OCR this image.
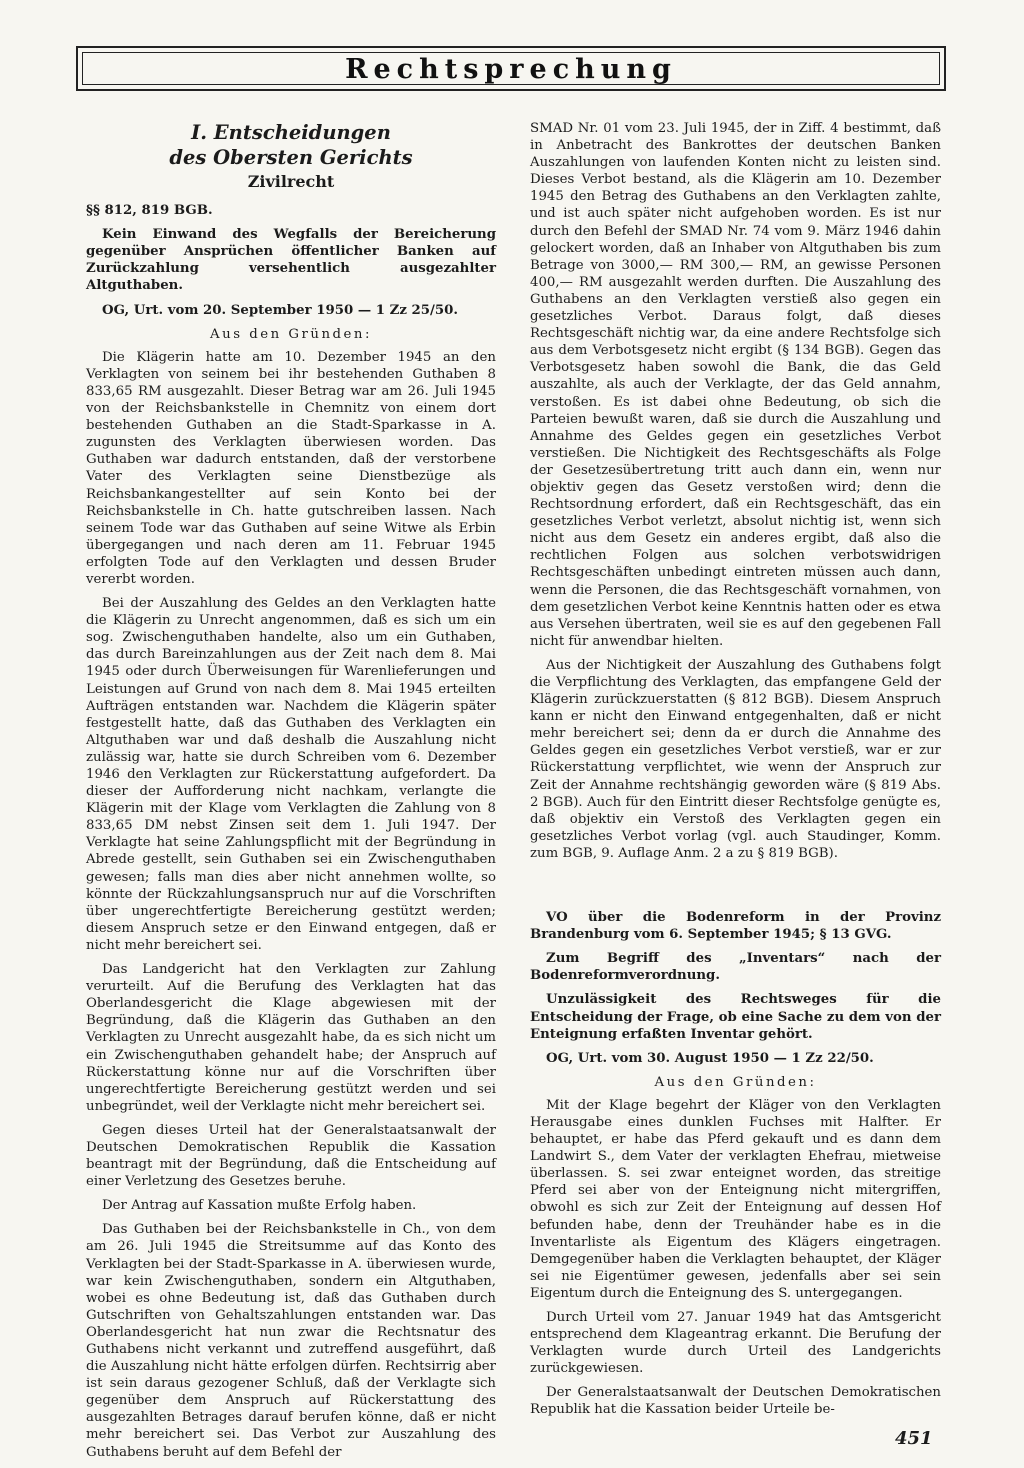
Rechtsprechung
I. Entscheidungen
des Obersten Gerichts
Zivilrecht

§§ 812, 819 BGB.

Kein Einwand des Wegfalls der Bereicherung gegenüber Ansprüchen öffentlicher Banken auf Zurückzahlung versehentlich ausgezahlter Altguthaben.

OG, Urt. vom 20. September 1950 — 1 Zz 25/50.

Aus den Gründen:

Die Klägerin hatte am 10. Dezember 1945 an den Verklagten von seinem bei ihr bestehenden Guthaben 8 833,65 RM ausgezahlt. Dieser Betrag war am 26. Juli 1945 von der Reichsbankstelle in Chemnitz von einem dort bestehenden Guthaben an die Stadt-Sparkasse in A. zugunsten des Verklagten überwiesen worden. Das Guthaben war dadurch entstanden, daß der verstorbene Vater des Verklagten seine Dienstbezüge als Reichsbankangestellter auf sein Konto bei der Reichsbankstelle in Ch. hatte gutschreiben lassen. Nach seinem Tode war das Guthaben auf seine Witwe als Erbin übergegangen und nach deren am 11. Februar 1945 erfolgten Tode auf den Verklagten und dessen Bruder vererbt worden.

Bei der Auszahlung des Geldes an den Verklagten hatte die Klägerin zu Unrecht angenommen, daß es sich um ein sog. Zwischenguthaben handelte, also um ein Guthaben, das durch Bareinzahlungen aus der Zeit nach dem 8. Mai 1945 oder durch Überweisungen für Warenlieferungen und Leistungen auf Grund von nach dem 8. Mai 1945 erteilten Aufträgen entstanden war. Nachdem die Klägerin später festgestellt hatte, daß das Guthaben des Verklagten ein Altguthaben war und daß deshalb die Auszahlung nicht zulässig war, hatte sie durch Schreiben vom 6. Dezember 1946 den Verklagten zur Rückerstattung aufgefordert. Da dieser der Aufforderung nicht nachkam, verlangte die Klägerin mit der Klage vom Verklagten die Zahlung von 8 833,65 DM nebst Zinsen seit dem 1. Juli 1947. Der Verklagte hat seine Zahlungspflicht mit der Begründung in Abrede gestellt, sein Guthaben sei ein Zwischenguthaben gewesen; falls man dies aber nicht annehmen wollte, so könnte der Rückzahlungsanspruch nur auf die Vorschriften über ungerechtfertigte Bereicherung gestützt werden; diesem Anspruch setze er den Einwand entgegen, daß er nicht mehr bereichert sei.

Das Landgericht hat den Verklagten zur Zahlung verurteilt. Auf die Berufung des Verklagten hat das Oberlandesgericht die Klage abgewiesen mit der Begründung, daß die Klägerin das Guthaben an den Verklagten zu Unrecht ausgezahlt habe, da es sich nicht um ein Zwischenguthaben gehandelt habe; der Anspruch auf Rückerstattung könne nur auf die Vorschriften über ungerechtfertigte Bereicherung gestützt werden und sei unbegründet, weil der Verklagte nicht mehr bereichert sei.

Gegen dieses Urteil hat der Generalstaatsanwalt der Deutschen Demokratischen Republik die Kassation beantragt mit der Begründung, daß die Entscheidung auf einer Verletzung des Gesetzes beruhe.

Der Antrag auf Kassation mußte Erfolg haben.

Das Guthaben bei der Reichsbankstelle in Ch., von dem am 26. Juli 1945 die Streitsumme auf das Konto des Verklagten bei der Stadt-Sparkasse in A. überwiesen wurde, war kein Zwischenguthaben, sondern ein Altguthaben, wobei es ohne Bedeutung ist, daß das Guthaben durch Gutschriften von Gehaltszahlungen entstanden war. Das Oberlandesgericht hat nun zwar die Rechtsnatur des Guthabens nicht verkannt und zutreffend ausgeführt, daß die Auszahlung nicht hätte erfolgen dürfen. Rechtsirrig aber ist sein daraus gezogener Schluß, daß der Verklagte sich gegenüber dem Anspruch auf Rückerstattung des ausgezahlten Betrages darauf berufen könne, daß er nicht mehr bereichert sei. Das Verbot zur Auszahlung des Guthabens beruht auf dem Befehl der

SMAD Nr. 01 vom 23. Juli 1945, der in Ziff. 4 bestimmt, daß in Anbetracht des Bankrottes der deutschen Banken Auszahlungen von laufenden Konten nicht zu leisten sind. Dieses Verbot bestand, als die Klägerin am 10. Dezember 1945 den Betrag des Guthabens an den Verklagten zahlte, und ist auch später nicht aufgehoben worden. Es ist nur durch den Befehl der SMAD Nr. 74 vom 9. März 1946 dahin gelockert worden, daß an Inhaber von Altguthaben bis zum Betrage von 3000,— RM 300,— RM, an gewisse Personen 400,— RM ausgezahlt werden durften. Die Auszahlung des Guthabens an den Verklagten verstieß also gegen ein gesetzliches Verbot. Daraus folgt, daß dieses Rechtsgeschäft nichtig war, da eine andere Rechtsfolge sich aus dem Verbotsgesetz nicht ergibt (§ 134 BGB). Gegen das Verbotsgesetz haben sowohl die Bank, die das Geld auszahlte, als auch der Verklagte, der das Geld annahm, verstoßen. Es ist dabei ohne Bedeutung, ob sich die Parteien bewußt waren, daß sie durch die Auszahlung und Annahme des Geldes gegen ein gesetzliches Verbot verstießen. Die Nichtigkeit des Rechtsgeschäfts als Folge der Gesetzesübertretung tritt auch dann ein, wenn nur objektiv gegen das Gesetz verstoßen wird; denn die Rechtsordnung erfordert, daß ein Rechtsgeschäft, das ein gesetzliches Verbot verletzt, absolut nichtig ist, wenn sich nicht aus dem Gesetz ein anderes ergibt, daß also die rechtlichen Folgen aus solchen verbotswidrigen Rechtsgeschäften unbedingt eintreten müssen auch dann, wenn die Personen, die das Rechtsgeschäft vornahmen, von dem gesetzlichen Verbot keine Kenntnis hatten oder es etwa aus Versehen übertraten, weil sie es auf den gegebenen Fall nicht für anwendbar hielten.

Aus der Nichtigkeit der Auszahlung des Guthabens folgt die Verpflichtung des Verklagten, das empfangene Geld der Klägerin zurückzuerstatten (§ 812 BGB). Diesem Anspruch kann er nicht den Einwand entgegenhalten, daß er nicht mehr bereichert sei; denn da er durch die Annahme des Geldes gegen ein gesetzliches Verbot verstieß, war er zur Rückerstattung verpflichtet, wie wenn der Anspruch zur Zeit der Annahme rechtshängig geworden wäre (§ 819 Abs. 2 BGB). Auch für den Eintritt dieser Rechtsfolge genügte es, daß objektiv ein Verstoß des Verklagten gegen ein gesetzliches Verbot vorlag (vgl. auch Staudinger, Komm. zum BGB, 9. Auflage Anm. 2 a zu § 819 BGB).

VO über die Bodenreform in der Provinz Brandenburg vom 6. September 1945; § 13 GVG.

Zum Begriff des „Inventars“ nach der Bodenreformverordnung.

Unzulässigkeit des Rechtsweges für die Entscheidung der Frage, ob eine Sache zu dem von der Enteignung erfaßten Inventar gehört.

OG, Urt. vom 30. August 1950 — 1 Zz 22/50.

Aus den Gründen:

Mit der Klage begehrt der Kläger von den Verklagten Herausgabe eines dunklen Fuchses mit Halfter. Er behauptet, er habe das Pferd gekauft und es dann dem Landwirt S., dem Vater der verklagten Ehefrau, mietweise überlassen. S. sei zwar enteignet worden, das streitige Pferd sei aber von der Enteignung nicht mitergriffen, obwohl es sich zur Zeit der Enteignung auf dessen Hof befunden habe, denn der Treuhänder habe es in die Inventarliste als Eigentum des Klägers eingetragen. Demgegenüber haben die Verklagten behauptet, der Kläger sei nie Eigentümer gewesen, jedenfalls aber sei sein Eigentum durch die Enteignung des S. untergegangen.

Durch Urteil vom 27. Januar 1949 hat das Amtsgericht entsprechend dem Klageantrag erkannt. Die Berufung der Verklagten wurde durch Urteil des Landgerichts zurückgewiesen.

Der Generalstaatsanwalt der Deutschen Demokratischen Republik hat die Kassation beider Urteile be-

451
